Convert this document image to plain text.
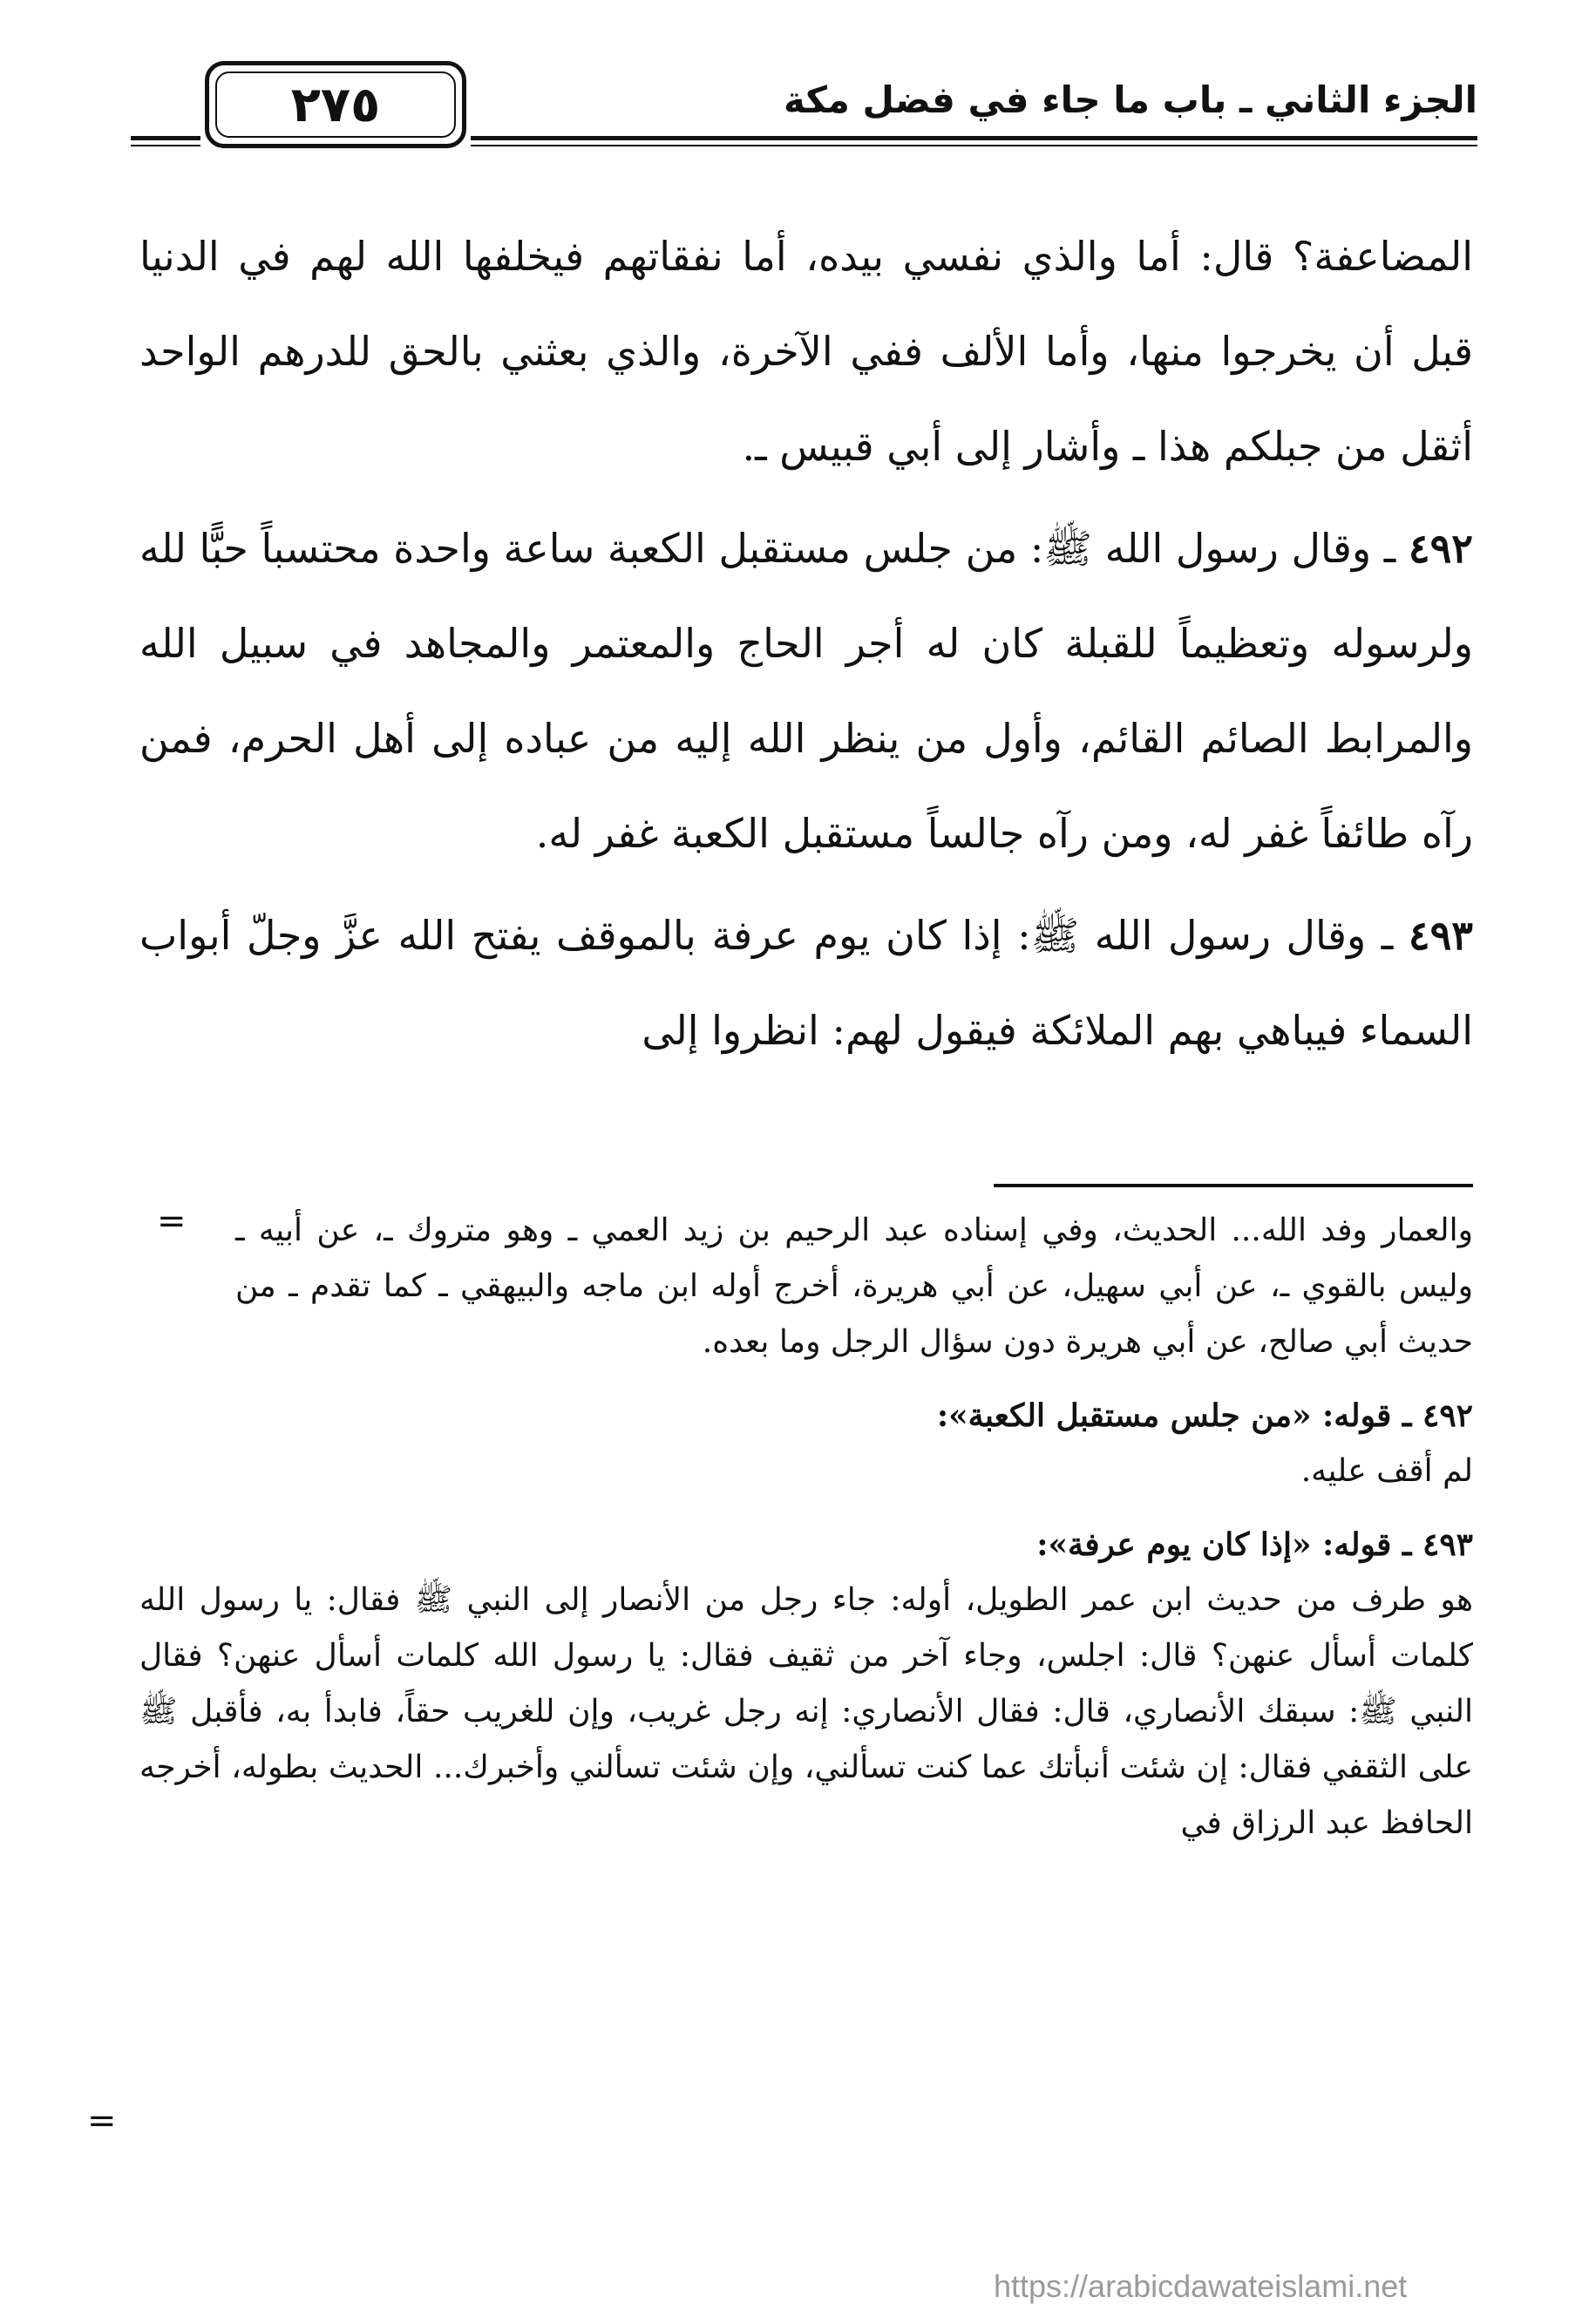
الجزء الثاني ـ باب ما جاء في فضل مكة
٢٧٥

المضاعفة؟ قال: أما والذي نفسي بيده، أما نفقاتهم فيخلفها الله لهم في الدنيا قبل أن يخرجوا منها، وأما الألف ففي الآخرة، والذي بعثني بالحق للدرهم الواحد أثقل من جبلكم هذا ـ وأشار إلى أبي قبيس ـ.

٤٩٢ ـ وقال رسول الله ﷺ: من جلس مستقبل الكعبة ساعة واحدة محتسباً حبًّا لله ولرسوله وتعظيماً للقبلة كان له أجر الحاج والمعتمر والمجاهد في سبيل الله والمرابط الصائم القائم، وأول من ينظر الله إليه من عباده إلى أهل الحرم، فمن رآه طائفاً غفر له، ومن رآه جالساً مستقبل الكعبة غفر له.

٤٩٣ ـ وقال رسول الله ﷺ: إذا كان يوم عرفة بالموقف يفتح الله عزَّ وجلّ أبواب السماء فيباهي بهم الملائكة فيقول لهم: انظروا إلى

=	والعمار وفد الله... الحديث، وفي إسناده عبد الرحيم بن زيد العمي ـ وهو متروك ـ، عن أبيه ـ وليس بالقوي ـ، عن أبي سهيل، عن أبي هريرة، أخرج أوله ابن ماجه والبيهقي ـ كما تقدم ـ من حديث أبي صالح، عن أبي هريرة دون سؤال الرجل وما بعده.

٤٩٢ ـ قوله: «من جلس مستقبل الكعبة»:

لم أقف عليه.

٤٩٣ ـ قوله: «إذا كان يوم عرفة»:

هو طرف من حديث ابن عمر الطويل، أوله: جاء رجل من الأنصار إلى النبي ﷺ فقال: يا رسول الله كلمات أسأل عنهن؟ قال: اجلس، وجاء آخر من ثقيف فقال: يا رسول الله كلمات أسأل عنهن؟ فقال النبي ﷺ: سبقك الأنصاري، قال: فقال الأنصاري: إنه رجل غريب، وإن للغريب حقاً، فابدأ به، فأقبل ﷺ على الثقفي فقال: إن شئت أنبأتك عما كنت تسألني، وإن شئت تسألني وأخبرك... الحديث بطوله، أخرجه الحافظ عبد الرزاق في

=
https://arabicdawateislami.net
